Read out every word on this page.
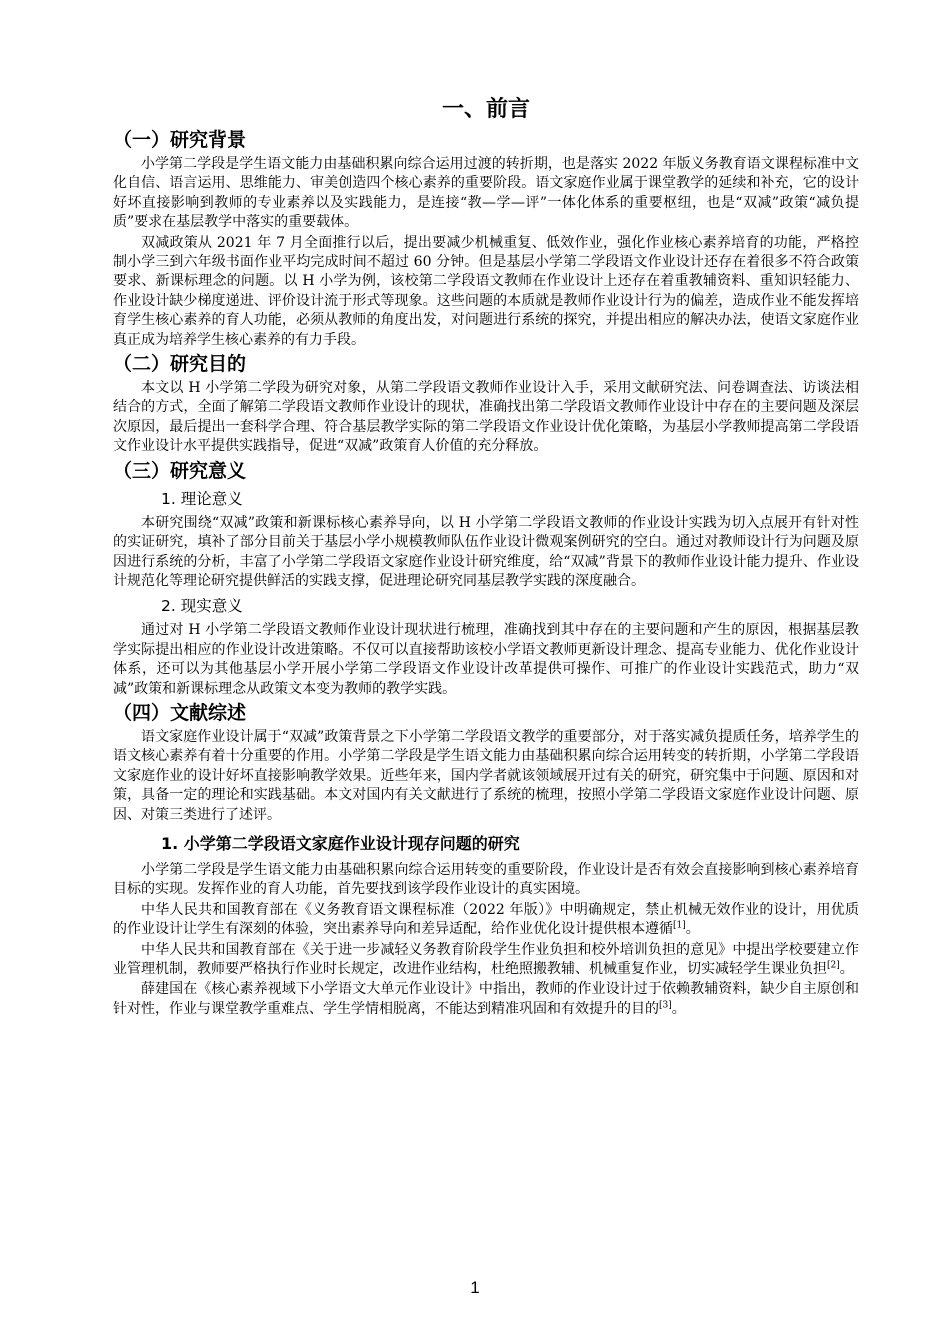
一、前言
（一）研究背景

小学第二学段是学生语文能力由基础积累向综合运用过渡的转折期，也是落实 2022 年版义务教育语文课程标准中文化自信、语言运用、思维能力、审美创造四个核心素养的重要阶段。语文家庭作业属于课堂教学的延续和补充，它的设计好坏直接影响到教师的专业素养以及实践能力，是连接“教—学—评”一体化体系的重要枢纽，也是“双减”政策“减负提质”要求在基层教学中落实的重要载体。

双减政策从 2021 年 7 月全面推行以后，提出要减少机械重复、低效作业，强化作业核心素养培育的功能，严格控制小学三到六年级书面作业平均完成时间不超过 60 分钟。但是基层小学第二学段语文作业设计还存在着很多不符合政策要求、新课标理念的问题。以 H 小学为例，该校第二学段语文教师在作业设计上还存在着重教辅资料、重知识轻能力、作业设计缺少梯度递进、评价设计流于形式等现象。这些问题的本质就是教师作业设计行为的偏差，造成作业不能发挥培育学生核心素养的育人功能，必须从教师的角度出发，对问题进行系统的探究，并提出相应的解决办法，使语文家庭作业真正成为培养学生核心素养的有力手段。

（二）研究目的

本文以 H 小学第二学段为研究对象，从第二学段语文教师作业设计入手，采用文献研究法、问卷调查法、访谈法相结合的方式，全面了解第二学段语文教师作业设计的现状，准确找出第二学段语文教师作业设计中存在的主要问题及深层次原因，最后提出一套科学合理、符合基层教学实际的第二学段语文作业设计优化策略，为基层小学教师提高第二学段语文作业设计水平提供实践指导，促进“双减”政策育人价值的充分释放。

（三）研究意义
1. 理论意义

本研究围绕“双减”政策和新课标核心素养导向，以 H 小学第二学段语文教师的作业设计实践为切入点展开有针对性的实证研究，填补了部分目前关于基层小学小规模教师队伍作业设计微观案例研究的空白。通过对教师设计行为问题及原因进行系统的分析，丰富了小学第二学段语文家庭作业设计研究维度，给“双减”背景下的教师作业设计能力提升、作业设计规范化等理论研究提供鲜活的实践支撑，促进理论研究同基层教学实践的深度融合。

2. 现实意义

通过对 H 小学第二学段语文教师作业设计现状进行梳理，准确找到其中存在的主要问题和产生的原因，根据基层教学实际提出相应的作业设计改进策略。不仅可以直接帮助该校小学语文教师更新设计理念、提高专业能力、优化作业设计体系，还可以为其他基层小学开展小学第二学段语文作业设计改革提供可操作、可推广的作业设计实践范式，助力“双减”政策和新课标理念从政策文本变为教师的教学实践。

（四）文献综述

语文家庭作业设计属于“双减”政策背景之下小学第二学段语文教学的重要部分，对于落实减负提质任务，培养学生的语文核心素养有着十分重要的作用。小学第二学段是学生语文能力由基础积累向综合运用转变的转折期，小学第二学段语文家庭作业的设计好坏直接影响教学效果。近些年来，国内学者就该领域展开过有关的研究，研究集中于问题、原因和对策，具备一定的理论和实践基础。本文对国内有关文献进行了系统的梳理，按照小学第二学段语文家庭作业设计问题、原因、对策三类进行了述评。

1. 小学第二学段语文家庭作业设计现存问题的研究

小学第二学段是学生语文能力由基础积累向综合运用转变的重要阶段，作业设计是否有效会直接影响到核心素养培育目标的实现。发挥作业的育人功能，首先要找到该学段作业设计的真实困境。

中华人民共和国教育部在《义务教育语文课程标准（2022 年版）》中明确规定，禁止机械无效作业的设计，用优质的作业设计让学生有深刻的体验，突出素养导向和差异适配，给作业优化设计提供根本遵循[1]。

中华人民共和国教育部在《关于进一步减轻义务教育阶段学生作业负担和校外培训负担的意见》中提出学校要建立作业管理机制，教师要严格执行作业时长规定，改进作业结构，杜绝照搬教辅、机械重复作业，切实减轻学生课业负担[2]。

薛建国在《核心素养视域下小学语文大单元作业设计》中指出，教师的作业设计过于依赖教辅资料，缺少自主原创和针对性，作业与课堂教学重难点、学生学情相脱离，不能达到精准巩固和有效提升的目的[3]。

1
